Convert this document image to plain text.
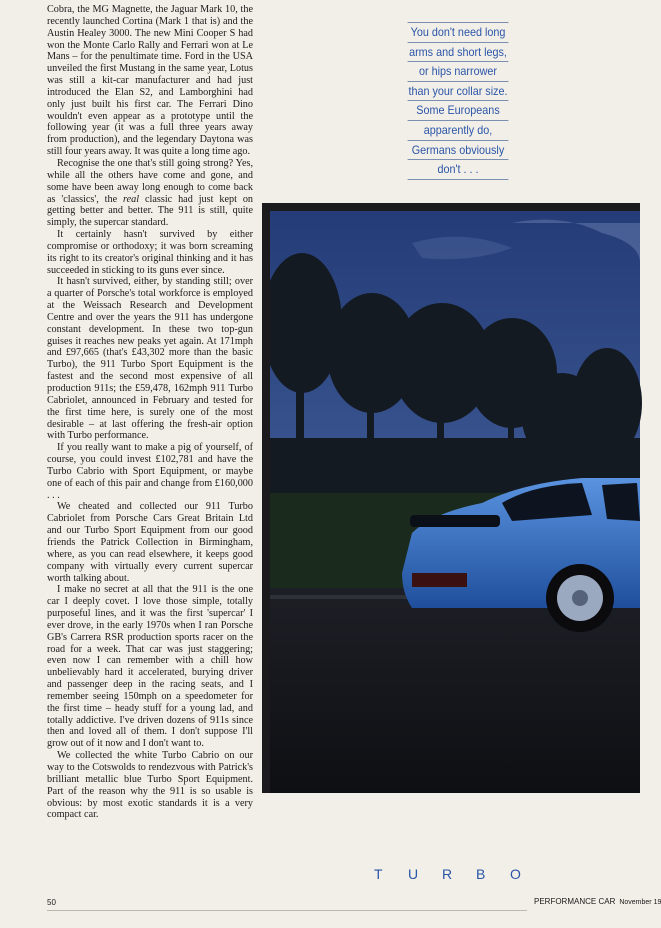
Cobra, the MG Magnette, the Jaguar Mark 10, the recently launched Cortina (Mark 1 that is) and the Austin Healey 3000. The new Mini Cooper S had won the Monte Carlo Rally and Ferrari won at Le Mans – for the penultimate time. Ford in the USA unveiled the first Mustang in the same year, Lotus was still a kit-car manufacturer and had just introduced the Elan S2, and Lamborghini had only just built his first car. The Ferrari Dino wouldn't even appear as a prototype until the following year (it was a full three years away from production), and the legendary Daytona was still four years away. It was quite a long time ago.

Recognise the one that's still going strong? Yes, while all the others have come and gone, and some have been away long enough to come back as 'classics', the real classic had just kept on getting better and better. The 911 is still, quite simply, the supercar standard.

It certainly hasn't survived by either compromise or orthodoxy; it was born screaming its right to its creator's original thinking and it has succeeded in sticking to its guns ever since.

It hasn't survived, either, by standing still; over a quarter of Porsche's total workforce is employed at the Weissach Research and Development Centre and over the years the 911 has undergone constant development. In these two top-gun guises it reaches new peaks yet again. At 171mph and £97,665 (that's £43,302 more than the basic Turbo), the 911 Turbo Sport Equipment is the fastest and the second most expensive of all production 911s; the £59,478, 162mph 911 Turbo Cabriolet, announced in February and tested for the first time here, is surely one of the most desirable – at last offering the fresh-air option with Turbo performance.

If you really want to make a pig of yourself, of course, you could invest £102,781 and have the Turbo Cabrio with Sport Equipment, or maybe one of each of this pair and change from £160,000 . . .

We cheated and collected our 911 Turbo Cabriolet from Porsche Cars Great Britain Ltd and our Turbo Sport Equipment from our good friends the Patrick Collection in Birmingham, where, as you can read elsewhere, it keeps good company with virtually every current supercar worth talking about.

I make no secret at all that the 911 is the one car I deeply covet. I love those simple, totally purposeful lines, and it was the first 'supercar' I ever drove, in the early 1970s when I ran Porsche GB's Carrera RSR production sports racer on the road for a week. That car was just staggering; even now I can remember with a chill how unbelievably hard it accelerated, burying driver and passenger deep in the racing seats, and I remember seeing 150mph on a speedometer for the first time – heady stuff for a young lad, and totally addictive. I've driven dozens of 911s since then and loved all of them. I don't suppose I'll grow out of it now and I don't want to.

We collected the white Turbo Cabrio on our way to the Cotswolds to rendezvous with Patrick's brilliant metallic blue Turbo Sport Equipment. Part of the reason why the 911 is so usable is obvious: by most exotic standards it is a very compact car.

You don't need long
arms and short legs,
or hips narrower
than your collar size.
Some Europeans
apparently do,
Germans obviously
don't . . .
T U R B O
50	PERFORMANCE CAR November 19
